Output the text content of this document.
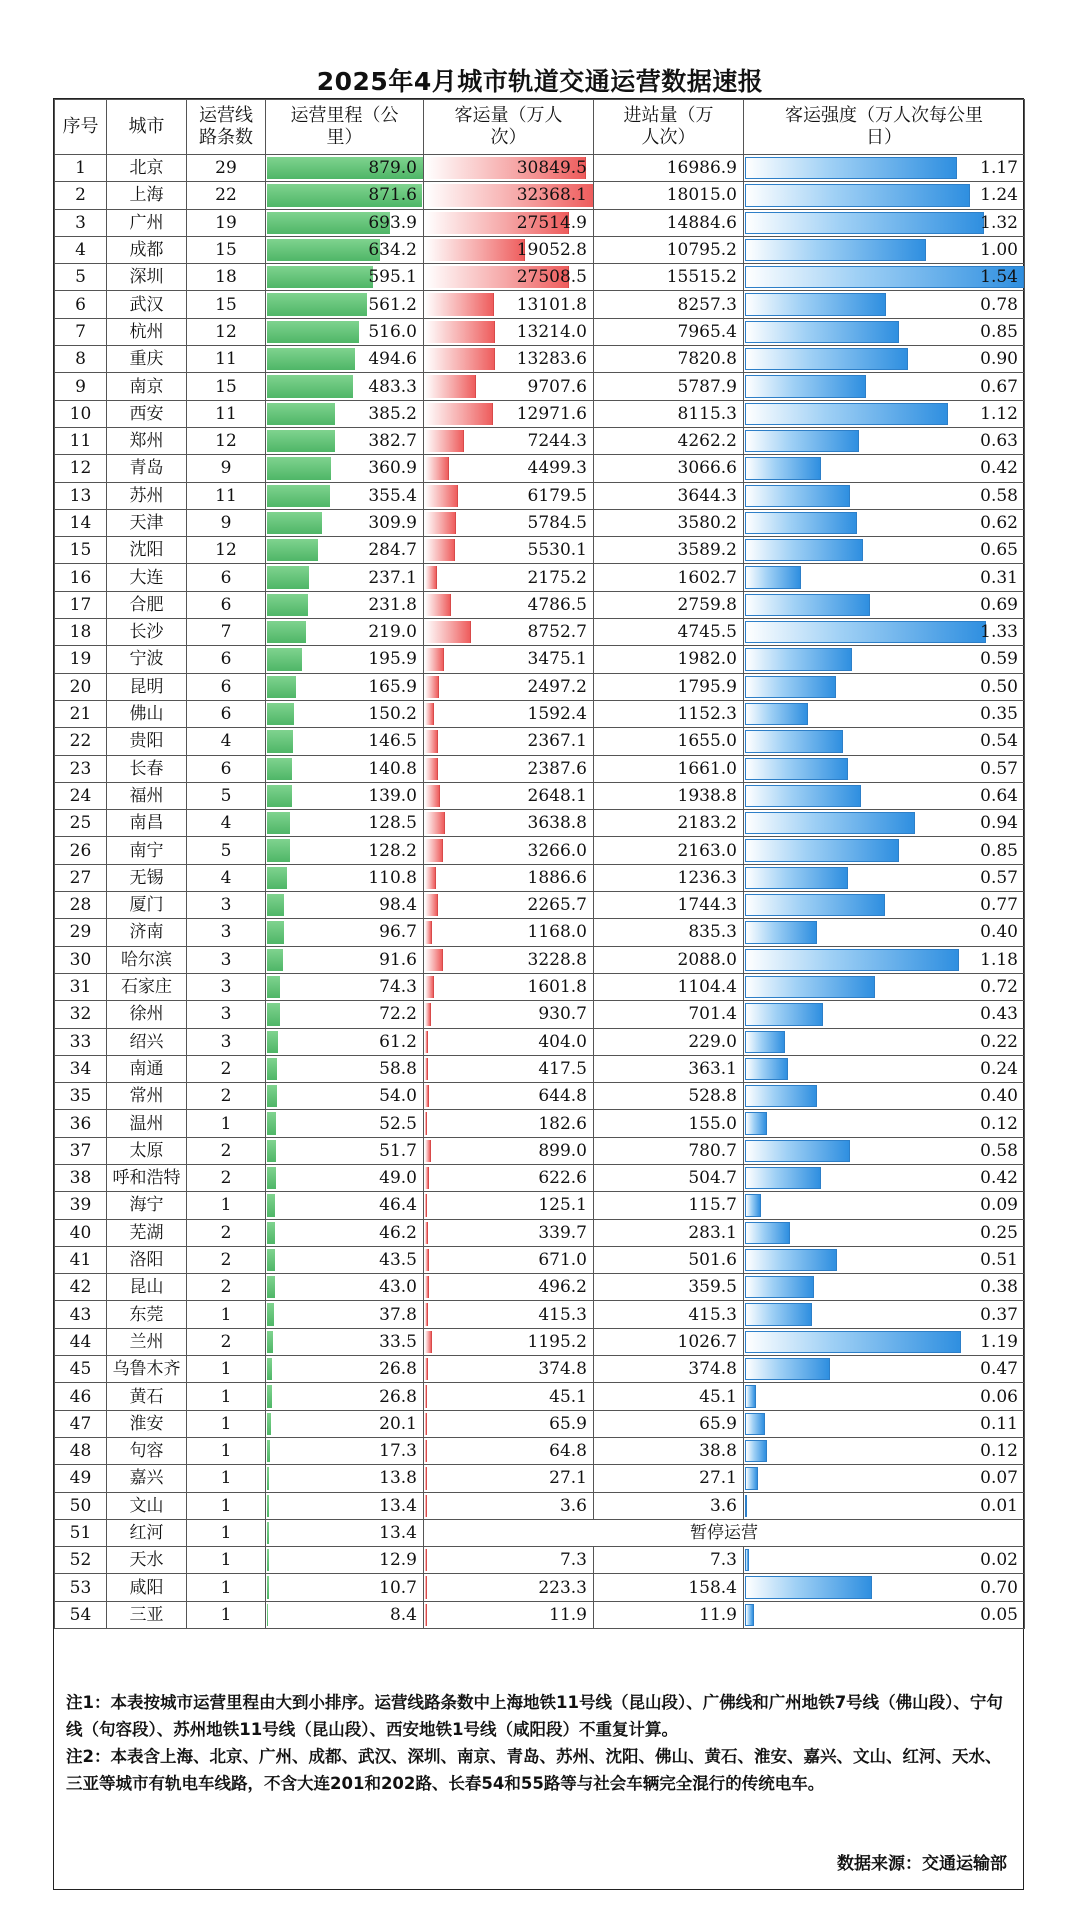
2025年4月城市轨道交通运营数据速报
序号	城市	运营线路条数	运营里程（公里）	客运量（万人次）	进站量（万人次）	客运强度（万人次每公里日）
1	北京	29	879.0	30849.5	16986.9	1.17
2	上海	22	871.6	32368.1	18015.0	1.24
3	广州	19	693.9	27514.9	14884.6	1.32
4	成都	15	634.2	19052.8	10795.2	1.00
5	深圳	18	595.1	27508.5	15515.2	1.54
6	武汉	15	561.2	13101.8	8257.3	0.78
7	杭州	12	516.0	13214.0	7965.4	0.85
8	重庆	11	494.6	13283.6	7820.8	0.90
9	南京	15	483.3	9707.6	5787.9	0.67
10	西安	11	385.2	12971.6	8115.3	1.12
11	郑州	12	382.7	7244.3	4262.2	0.63
12	青岛	9	360.9	4499.3	3066.6	0.42
13	苏州	11	355.4	6179.5	3644.3	0.58
14	天津	9	309.9	5784.5	3580.2	0.62
15	沈阳	12	284.7	5530.1	3589.2	0.65
16	大连	6	237.1	2175.2	1602.7	0.31
17	合肥	6	231.8	4786.5	2759.8	0.69
18	长沙	7	219.0	8752.7	4745.5	1.33
19	宁波	6	195.9	3475.1	1982.0	0.59
20	昆明	6	165.9	2497.2	1795.9	0.50
21	佛山	6	150.2	1592.4	1152.3	0.35
22	贵阳	4	146.5	2367.1	1655.0	0.54
23	长春	6	140.8	2387.6	1661.0	0.57
24	福州	5	139.0	2648.1	1938.8	0.64
25	南昌	4	128.5	3638.8	2183.2	0.94
26	南宁	5	128.2	3266.0	2163.0	0.85
27	无锡	4	110.8	1886.6	1236.3	0.57
28	厦门	3	98.4	2265.7	1744.3	0.77
29	济南	3	96.7	1168.0	835.3	0.40
30	哈尔滨	3	91.6	3228.8	2088.0	1.18
31	石家庄	3	74.3	1601.8	1104.4	0.72
32	徐州	3	72.2	930.7	701.4	0.43
33	绍兴	3	61.2	404.0	229.0	0.22
34	南通	2	58.8	417.5	363.1	0.24
35	常州	2	54.0	644.8	528.8	0.40
36	温州	1	52.5	182.6	155.0	0.12
37	太原	2	51.7	899.0	780.7	0.58
38	呼和浩特	2	49.0	622.6	504.7	0.42
39	海宁	1	46.4	125.1	115.7	0.09
40	芜湖	2	46.2	339.7	283.1	0.25
41	洛阳	2	43.5	671.0	501.6	0.51
42	昆山	2	43.0	496.2	359.5	0.38
43	东莞	1	37.8	415.3	415.3	0.37
44	兰州	2	33.5	1195.2	1026.7	1.19
45	乌鲁木齐	1	26.8	374.8	374.8	0.47
46	黄石	1	26.8	45.1	45.1	0.06
47	淮安	1	20.1	65.9	65.9	0.11
48	句容	1	17.3	64.8	38.8	0.12
49	嘉兴	1	13.8	27.1	27.1	0.07
50	文山	1	13.4	3.6	3.6	0.01
51	红河	1	13.4	暂停运营		
52	天水	1	12.9	7.3	7.3	0.02
53	咸阳	1	10.7	223.3	158.4	0.70
54	三亚	1	8.4	11.9	11.9	0.05

注1：本表按城市运营里程由大到小排序。运营线路条数中上海地铁11号线（昆山段）、广佛线和广州地铁7号线（佛山段）、宁句线（句容段）、苏州地铁11号线（昆山段）、西安地铁1号线（咸阳段）不重复计算。

注2：本表含上海、北京、广州、成都、武汉、深圳、南京、青岛、苏州、沈阳、佛山、黄石、淮安、嘉兴、文山、红河、天水、三亚等城市有轨电车线路，不含大连201和202路、长春54和55路等与社会车辆完全混行的传统电车。

数据来源：交通运输部
